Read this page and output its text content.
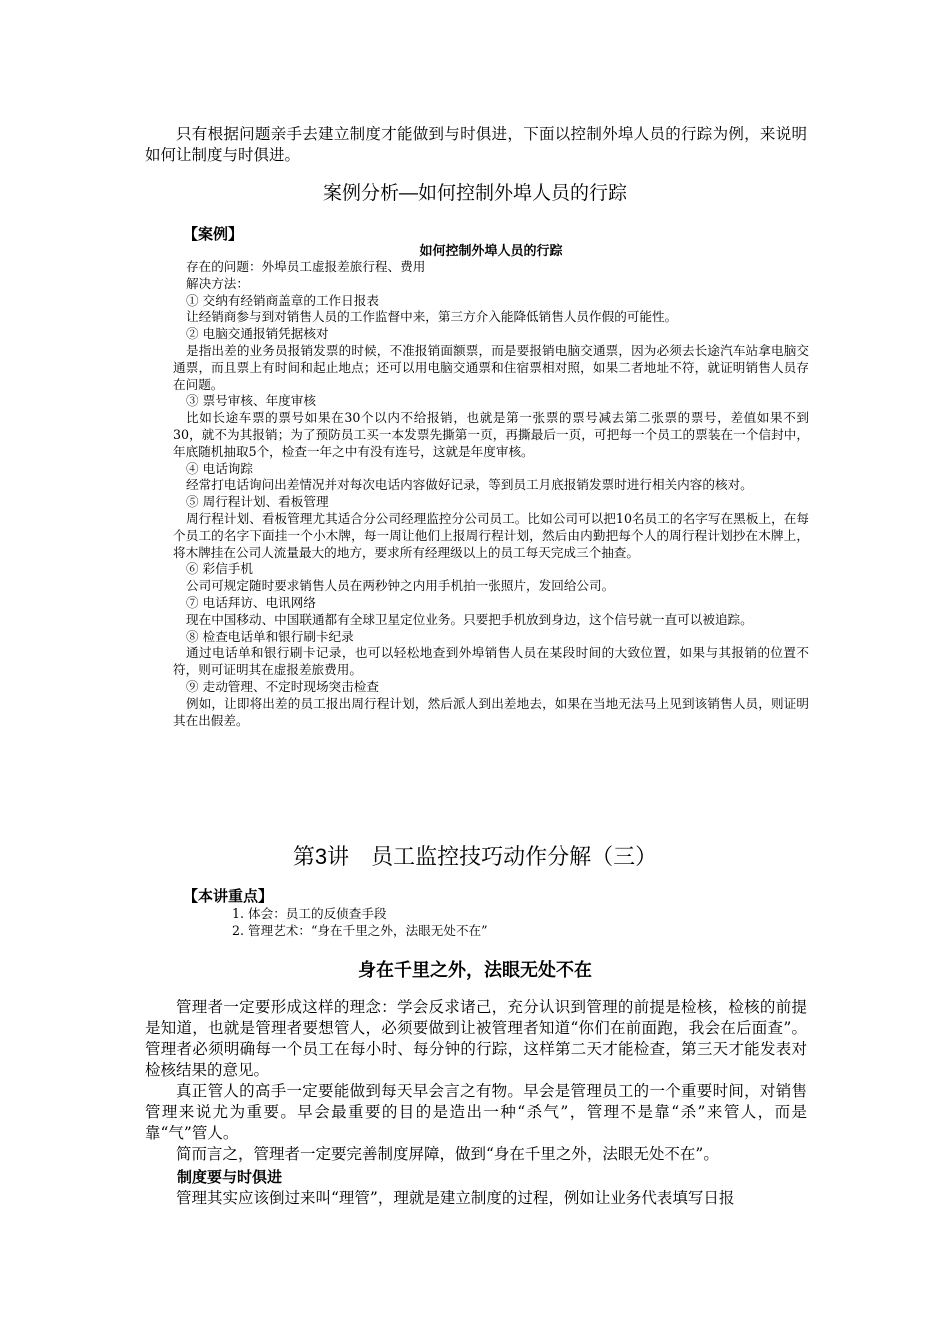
只有根据问题亲手去建立制度才能做到与时俱进，下面以控制外埠人员的行踪为例，来说明如何让制度与时俱进。
案例分析—如何控制外埠人员的行踪
【案例】
如何控制外埠人员的行踪

存在的问题：外埠员工虚报差旅行程、费用

解决方法：

① 交纳有经销商盖章的工作日报表

让经销商参与到对销售人员的工作监督中来，第三方介入能降低销售人员作假的可能性。

② 电脑交通报销凭据核对

是指出差的业务员报销发票的时候，不准报销面额票，而是要报销电脑交通票，因为必须去长途汽车站拿电脑交通票，而且票上有时间和起止地点；还可以用电脑交通票和住宿票相对照，如果二者地址不符，就证明销售人员存在问题。

③ 票号审核、年度审核

比如长途车票的票号如果在30个以内不给报销，也就是第一张票的票号减去第二张票的票号，差值如果不到30，就不为其报销；为了预防员工买一本发票先撕第一页，再撕最后一页，可把每一个员工的票装在一个信封中，年底随机抽取5个，检查一年之中有没有连号，这就是年度审核。

④ 电话询踪

经常打电话询问出差情况并对每次电话内容做好记录，等到员工月底报销发票时进行相关内容的核对。

⑤ 周行程计划、看板管理

周行程计划、看板管理尤其适合分公司经理监控分公司员工。比如公司可以把10名员工的名字写在黑板上，在每个员工的名字下面挂一个小木牌，每一周让他们上报周行程计划，然后由内勤把每个人的周行程计划抄在木牌上，将木牌挂在公司人流量最大的地方，要求所有经理级以上的员工每天完成三个抽查。

⑥ 彩信手机

公司可规定随时要求销售人员在两秒钟之内用手机拍一张照片，发回给公司。

⑦ 电话拜访、电讯网络

现在中国移动、中国联通都有全球卫星定位业务。只要把手机放到身边，这个信号就一直可以被追踪。

⑧ 检查电话单和银行刷卡纪录

通过电话单和银行刷卡记录，也可以轻松地查到外埠销售人员在某段时间的大致位置，如果与其报销的位置不符，则可证明其在虚报差旅费用。

⑨ 走动管理、不定时现场突击检查

例如，让即将出差的员工报出周行程计划，然后派人到出差地去，如果在当地无法马上见到该销售人员，则证明其在出假差。

第3讲　员工监控技巧动作分解（三）
【本讲重点】
1. 体会：员工的反侦查手段
2. 管理艺术：“身在千里之外，法眼无处不在”
身在千里之外，法眼无处不在

管理者一定要形成这样的理念：学会反求诸己，充分认识到管理的前提是检核，检核的前提是知道，也就是管理者要想管人，必须要做到让被管理者知道“你们在前面跑，我会在后面查”。管理者必须明确每一个员工在每小时、每分钟的行踪，这样第二天才能检查，第三天才能发表对检核结果的意见。

真正管人的高手一定要能做到每天早会言之有物。早会是管理员工的一个重要时间，对销售管理来说尤为重要。早会最重要的目的是造出一种“杀气”，管理不是靠“杀”来管人，而是靠“气”管人。

简而言之，管理者一定要完善制度屏障，做到“身在千里之外，法眼无处不在”。

制度要与时俱进
管理其实应该倒过来叫“理管”，理就是建立制度的过程，例如让业务代表填写日报
